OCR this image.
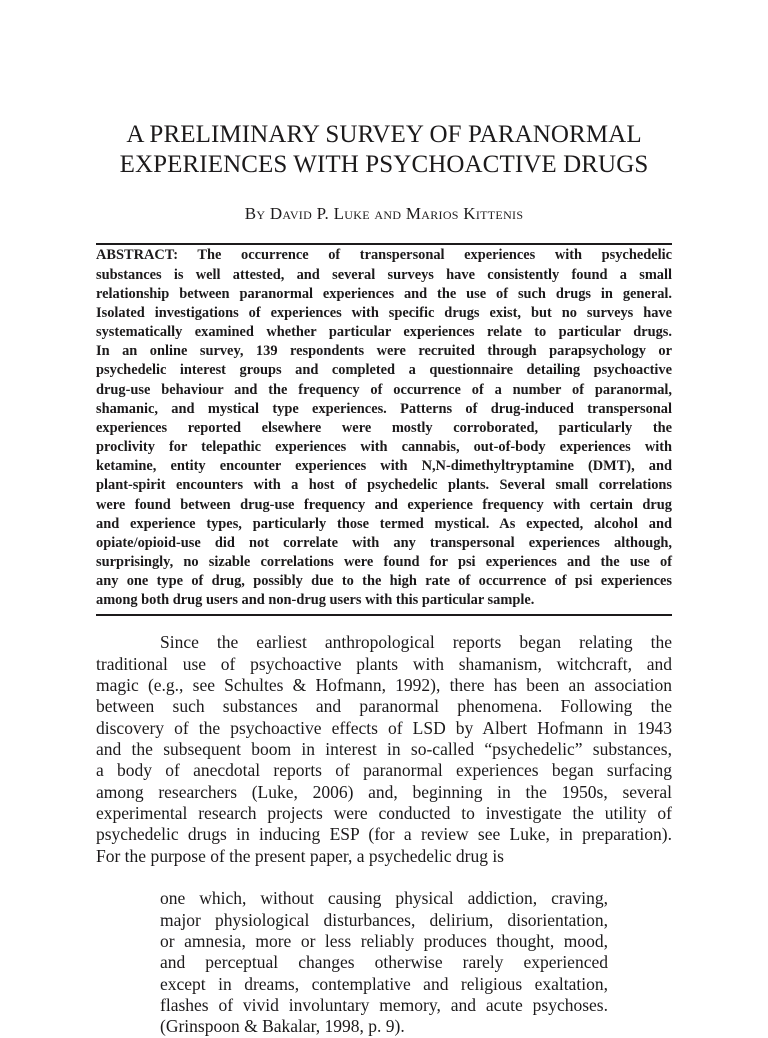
A PRELIMINARY SURVEY OF PARANORMAL
EXPERIENCES WITH PSYCHOACTIVE DRUGS
By David P. Luke and Marios Kittenis
ABSTRACT: The occurrence of transpersonal experiences with psychedelic
substances is well attested, and several surveys have consistently found a small
relationship between paranormal experiences and the use of such drugs in general.
Isolated investigations of experiences with specific drugs exist, but no surveys have
systematically examined whether particular experiences relate to particular drugs.
In an online survey, 139 respondents were recruited through parapsychology or
psychedelic interest groups and completed a questionnaire detailing psychoactive
drug-use behaviour and the frequency of occurrence of a number of paranormal,
shamanic, and mystical type experiences. Patterns of drug-induced transpersonal
experiences reported elsewhere were mostly corroborated, particularly the
proclivity for telepathic experiences with cannabis, out-of-body experiences with
ketamine, entity encounter experiences with N,N-dimethyltryptamine (DMT), and
plant-spirit encounters with a host of psychedelic plants. Several small correlations
were found between drug-use frequency and experience frequency with certain drug
and experience types, particularly those termed mystical. As expected, alcohol and
opiate/opioid-use did not correlate with any transpersonal experiences although,
surprisingly, no sizable correlations were found for psi experiences and the use of
any one type of drug, possibly due to the high rate of occurrence of psi experiences
among both drug users and non-drug users with this particular sample.
Since the earliest anthropological reports began relating the
traditional use of psychoactive plants with shamanism, witchcraft, and
magic (e.g., see Schultes & Hofmann, 1992), there has been an association
between such substances and paranormal phenomena. Following the
discovery of the psychoactive effects of LSD by Albert Hofmann in 1943
and the subsequent boom in interest in so-called “psychedelic” substances,
a body of anecdotal reports of paranormal experiences began surfacing
among researchers (Luke, 2006) and, beginning in the 1950s, several
experimental research projects were conducted to investigate the utility of
psychedelic drugs in inducing ESP (for a review see Luke, in preparation).
For the purpose of the present paper, a psychedelic drug is
one which, without causing physical addiction, craving,
major physiological disturbances, delirium, disorientation,
or amnesia, more or less reliably produces thought, mood,
and perceptual changes otherwise rarely experienced
except in dreams, contemplative and religious exaltation,
flashes of vivid involuntary memory, and acute psychoses.
(Grinspoon & Bakalar, 1998, p. 9).
